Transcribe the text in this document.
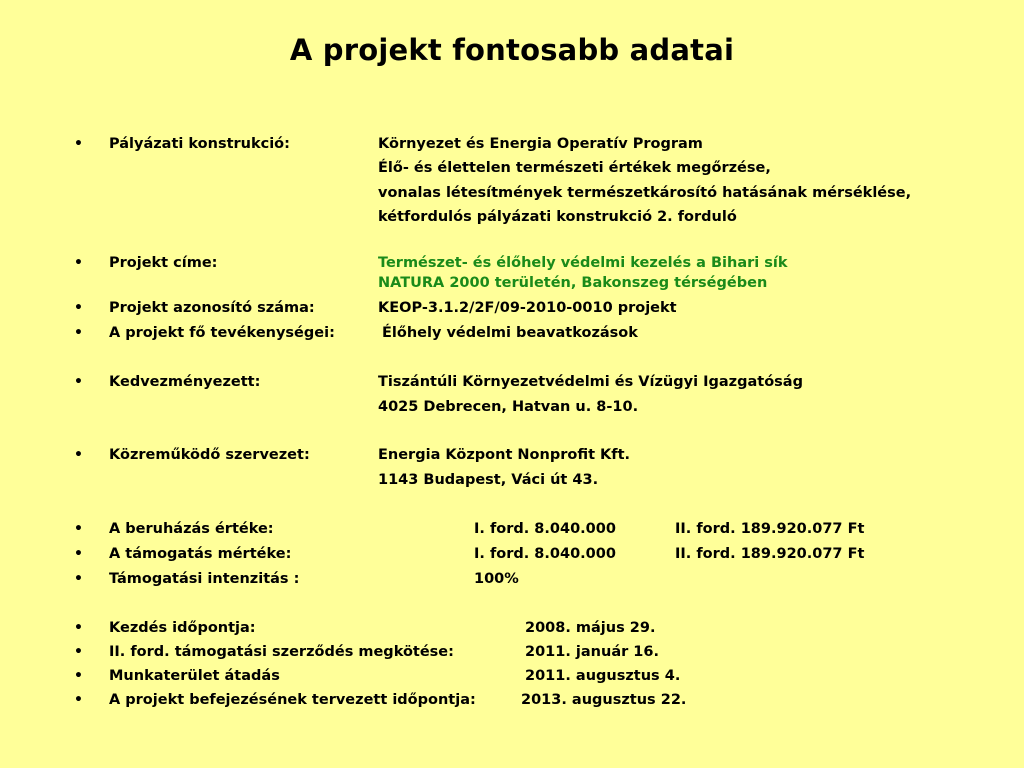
A projekt fontosabb adatai
• Pályázati konstrukció:	Környezet és Energia Operatív Program
Élő- és élettelen természeti értékek megőrzése,
vonalas létesítmények természetkárosító hatásának mérséklése,
kétfordulós pályázati konstrukció 2. forduló
• Projekt címe:	Természet- és élőhely védelmi kezelés a Bihari sík
NATURA 2000 területén, Bakonszeg térségében
• Projekt azonosító száma:	KEOP-3.1.2/2F/09-2010-0010 projekt
• A projekt fő tevékenységei:	Élőhely védelmi beavatkozások
• Kedvezményezett:	Tiszántúli Környezetvédelmi és Vízügyi Igazgatóság
4025 Debrecen, Hatvan u. 8-10.
• Közreműködő szervezet:	Energia Központ Nonprofit Kft.
1143 Budapest, Váci út 43.
• A beruházás értéke:	I. ford. 8.040.000	II. ford. 189.920.077 Ft
• A támogatás mértéke:	I. ford. 8.040.000	II. ford. 189.920.077 Ft
• Támogatási intenzitás :	100%
• Kezdés időpontja:	2008. május 29.
• II. ford. támogatási szerződés megkötése:	2011. január 16.
• Munkaterület átadás	2011. augusztus 4.
• A projekt befejezésének tervezett időpontja:	2013. augusztus 22.
